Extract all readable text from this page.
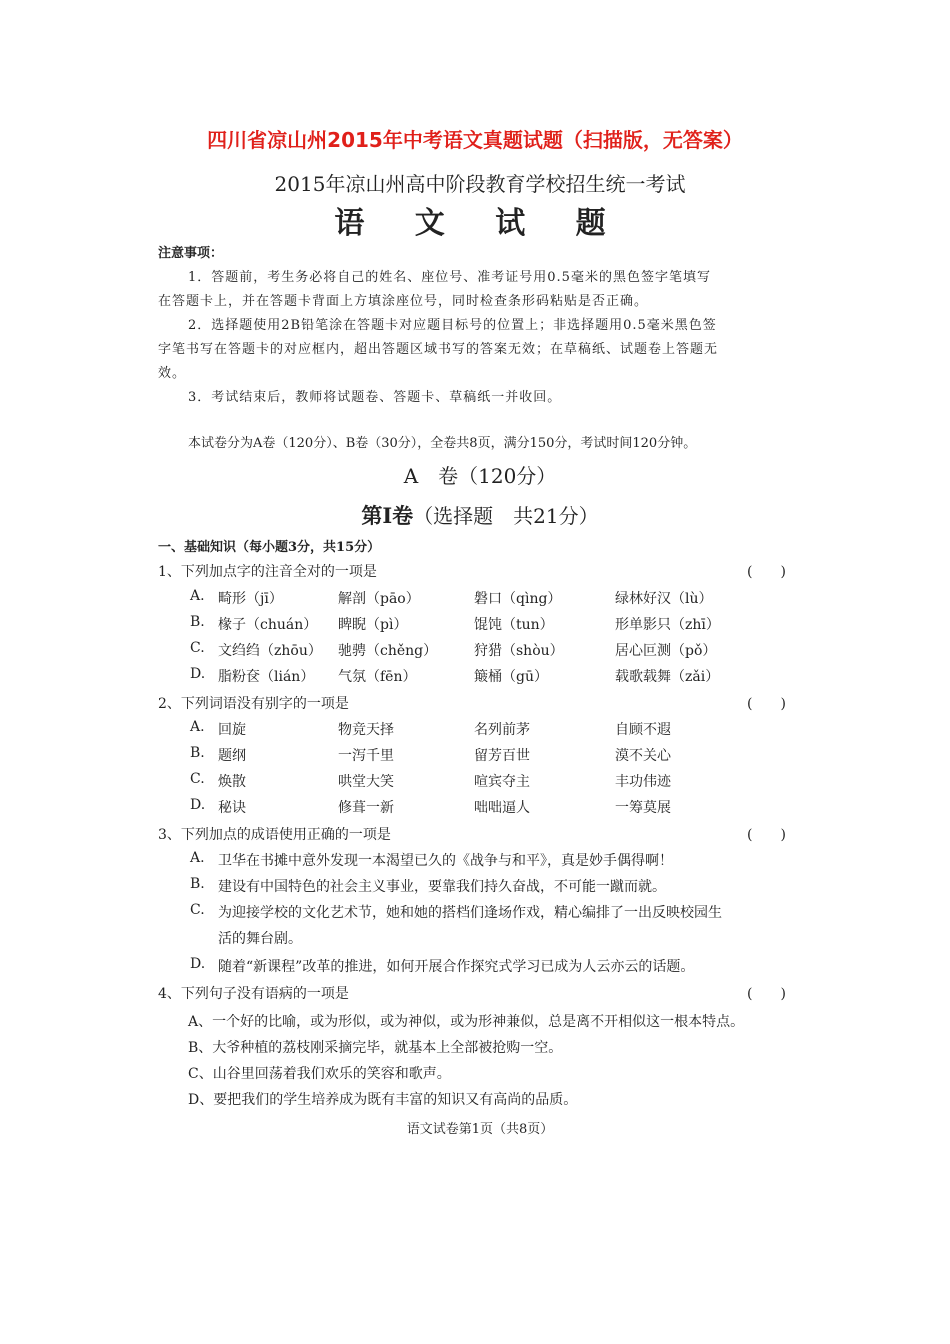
四川省凉山州2015年中考语文真题试题（扫描版，无答案）
2015年凉山州高中阶段教育学校招生统一考试
语 文 试 题
注意事项：
1．答题前，考生务必将自己的姓名、座位号、准考证号用0.5毫米的黑色签字笔填写
在答题卡上，并在答题卡背面上方填涂座位号，同时检查条形码粘贴是否正确。
2．选择题使用2B铅笔涂在答题卡对应题目标号的位置上；非选择题用0.5毫米黑色签
字笔书写在答题卡的对应框内，超出答题区域书写的答案无效；在草稿纸、试题卷上答题无
效。
3．考试结束后，教师将试题卷、答题卡、草稿纸一并收回。
本试卷分为A卷（120分）、B卷（30分），全卷共8页，满分150分，考试时间120分钟。
A　卷（120分）
第Ⅰ卷（选择题　共21分）
一、基础知识（每小题3分，共15分）
1、下列加点字的注音全对的一项是	(　　)
A. 畸形（jī）	解剖（pāo）	磐口（qìng）	绿林好汉（lù）
B. 椽子（chuán） 睥睨（pì）	馄饨（tun）	形单影只（zhī）
C. 文绉绉（zhōu） 驰骋（chěng）	狩猎（shòu）	居心叵测（pǒ）
D. 脂粉奁（lián） 气氛（fēn）	簸桶（gū）	载歌载舞（zǎi）
2、下列词语没有别字的一项是	(　　)
A. 回旋	物竞天择	名列前茅	自顾不遐
B. 题纲	一泻千里	留芳百世	漠不关心
C. 焕散	哄堂大笑	喧宾夺主	丰功伟迹
D. 秘诀	修葺一新	咄咄逼人	一筹莫展
3、下列加点的成语使用正确的一项是	(　　)
A. 卫华在书摊中意外发现一本渴望已久的《战争与和平》，真是妙手偶得啊！
B. 建设有中国特色的社会主义事业，要靠我们持久奋战，不可能一蹴而就。
C. 为迎接学校的文化艺术节，她和她的搭档们逢场作戏，精心编排了一出反映校园生
活的舞台剧。
D. 随着“新课程”改革的推进，如何开展合作探究式学习已成为人云亦云的话题。
4、下列句子没有语病的一项是	(　　)
A、一个好的比喻，或为形似，或为神似，或为形神兼似，总是离不开相似这一根本特点。
B、大爷种植的荔枝刚采摘完毕，就基本上全部被抢购一空。
C、山谷里回荡着我们欢乐的笑容和歌声。
D、要把我们的学生培养成为既有丰富的知识又有高尚的品质。
语文试卷第1页（共8页）
